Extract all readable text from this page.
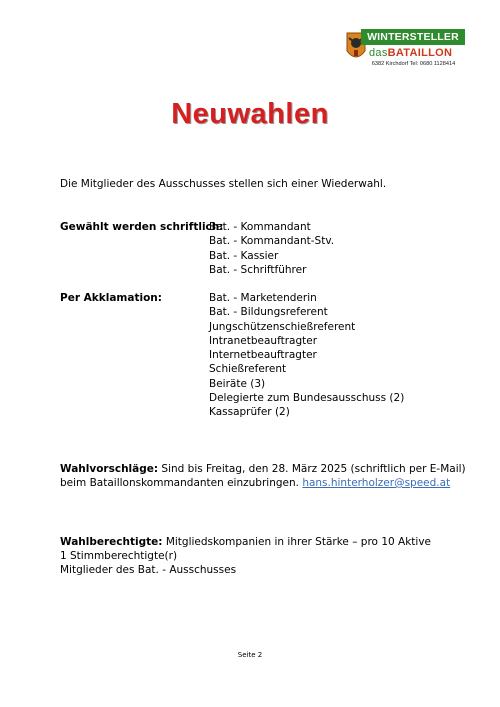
WINTERSTELLER
dasBATAILLON
6382 Kirchdorf Tel: 0680 1128414
Neuwahlen
Die Mitglieder des Ausschusses stellen sich einer Wiederwahl.
Gewählt werden schriftlich:
Bat. - Kommandant
Bat. - Kommandant-Stv.
Bat. - Kassier
Bat. - Schriftführer
Per Akklamation:	Bat. - Marketenderin
Bat. - Bildungsreferent
Jungschützenschießreferent
Intranetbeauftragter
Internetbeauftragter
Schießreferent
Beiräte (3)
Delegierte zum Bundesausschuss (2)
Kassaprüfer (2)
Wahlvorschläge: Sind bis Freitag, den 28. März 2025 (schriftlich per E-Mail)
beim Bataillonskommandanten einzubringen. hans.hinterholzer@speed.at
Wahlberechtigte: Mitgliedskompanien in ihrer Stärke – pro 10 Aktive
1 Stimmberechtigte(r)
Mitglieder des Bat. - Ausschusses
Seite 2
